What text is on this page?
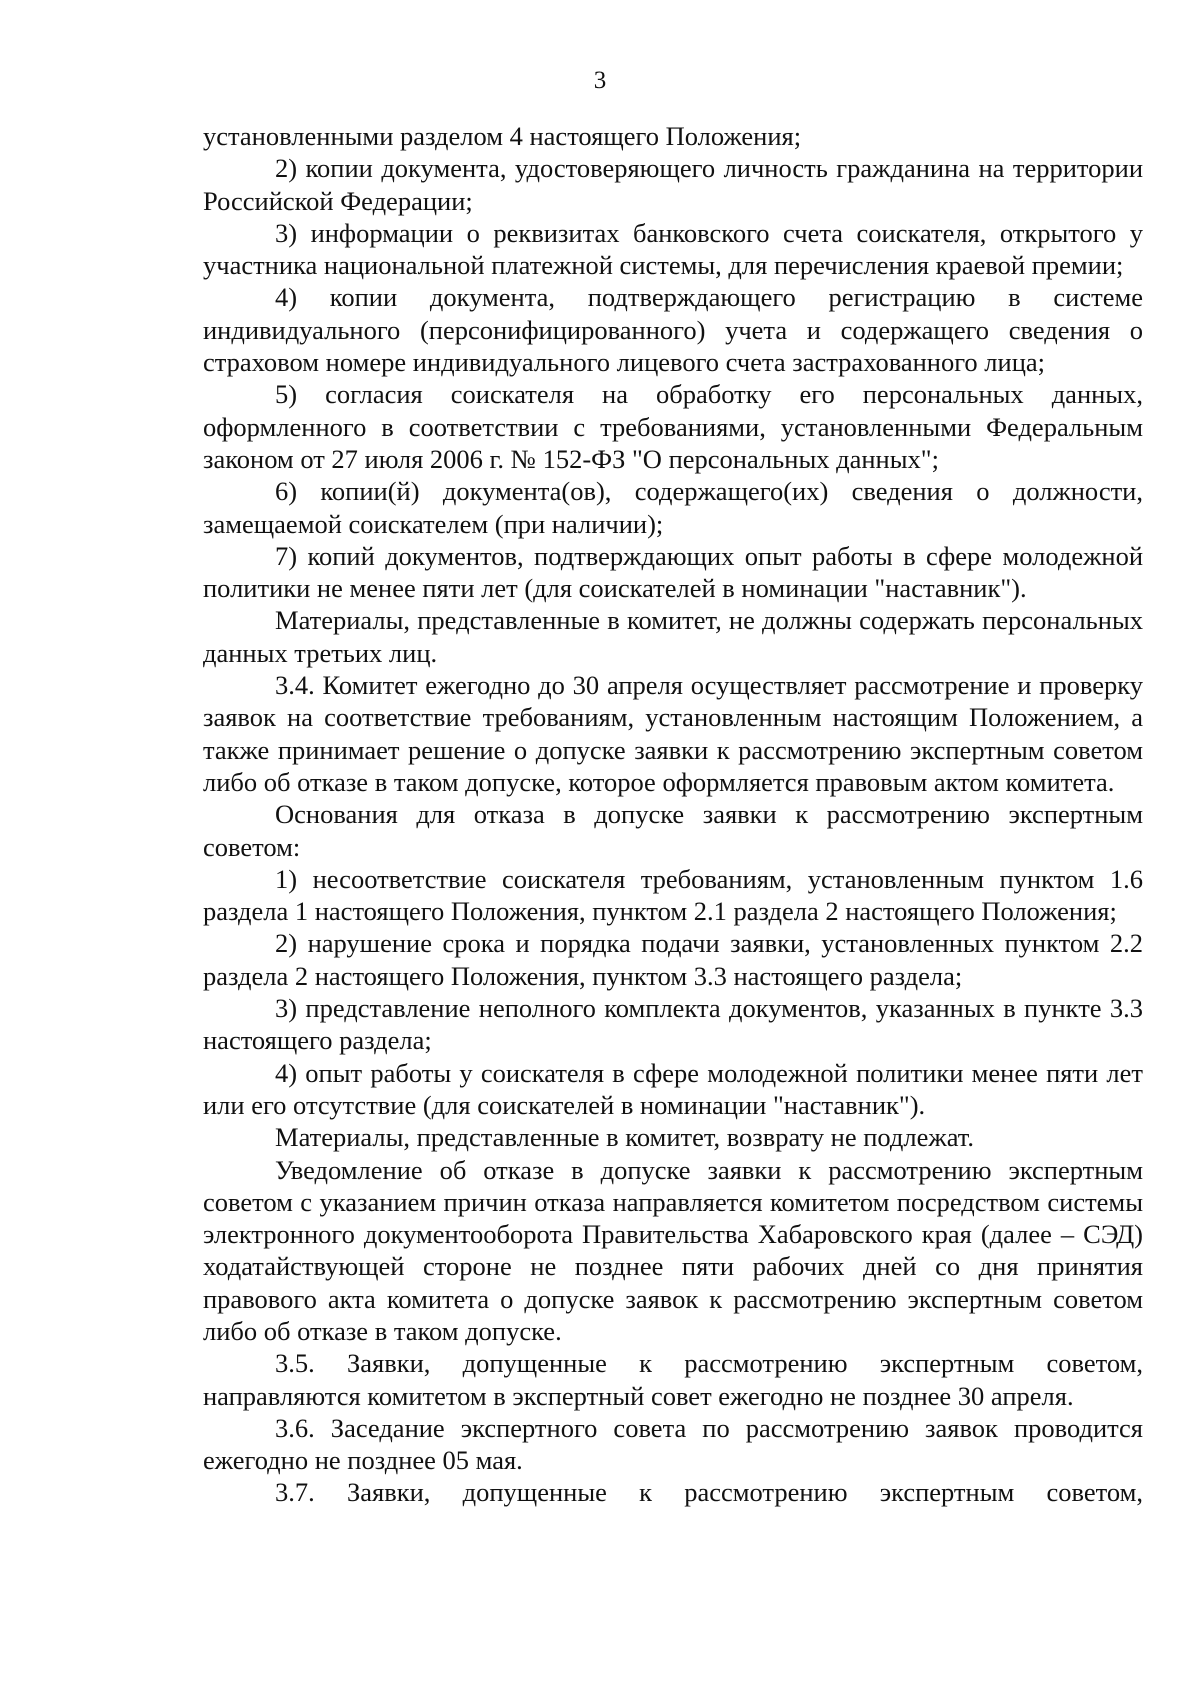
3

установленными разделом 4 настоящего Положения;

2) копии документа, удостоверяющего личность гражданина на территории Российской Федерации;

3) информации о реквизитах банковского счета соискателя, открытого у участника национальной платежной системы, для перечисления краевой премии;

4) копии документа, подтверждающего регистрацию в системе индивидуального (персонифицированного) учета и содержащего сведения о страховом номере индивидуального лицевого счета застрахованного лица;

5) согласия соискателя на обработку его персональных данных, оформленного в соответствии с требованиями, установленными Федеральным законом от 27 июля 2006 г. № 152-ФЗ "О персональных данных";

6) копии(й) документа(ов), содержащего(их) сведения о должности, замещаемой соискателем (при наличии);

7) копий документов, подтверждающих опыт работы в сфере молодежной политики не менее пяти лет (для соискателей в номинации "наставник").

Материалы, представленные в комитет, не должны содержать персональных данных третьих лиц.

3.4. Комитет ежегодно до 30 апреля осуществляет рассмотрение и проверку заявок на соответствие требованиям, установленным настоящим Положением, а также принимает решение о допуске заявки к рассмотрению экспертным советом либо об отказе в таком допуске, которое оформляется правовым актом комитета.

Основания для отказа в допуске заявки к рассмотрению экспертным советом:

1) несоответствие соискателя требованиям, установленным пунктом 1.6 раздела 1 настоящего Положения, пунктом 2.1 раздела 2 настоящего Положения;

2) нарушение срока и порядка подачи заявки, установленных пунктом 2.2 раздела 2 настоящего Положения, пунктом 3.3 настоящего раздела;

3) представление неполного комплекта документов, указанных в пункте 3.3 настоящего раздела;

4) опыт работы у соискателя в сфере молодежной политики менее пяти лет или его отсутствие (для соискателей в номинации "наставник").

Материалы, представленные в комитет, возврату не подлежат.

Уведомление об отказе в допуске заявки к рассмотрению экспертным советом с указанием причин отказа направляется комитетом посредством системы электронного документооборота Правительства Хабаровского края (далее – СЭД) ходатайствующей стороне не позднее пяти рабочих дней со дня принятия правового акта комитета о допуске заявок к рассмотрению экспертным советом либо об отказе в таком допуске.

3.5. Заявки, допущенные к рассмотрению экспертным советом, направляются комитетом в экспертный совет ежегодно не позднее 30 апреля.

3.6. Заседание экспертного совета по рассмотрению заявок проводится ежегодно не позднее 05 мая.

3.7. Заявки, допущенные к рассмотрению экспертным советом,
